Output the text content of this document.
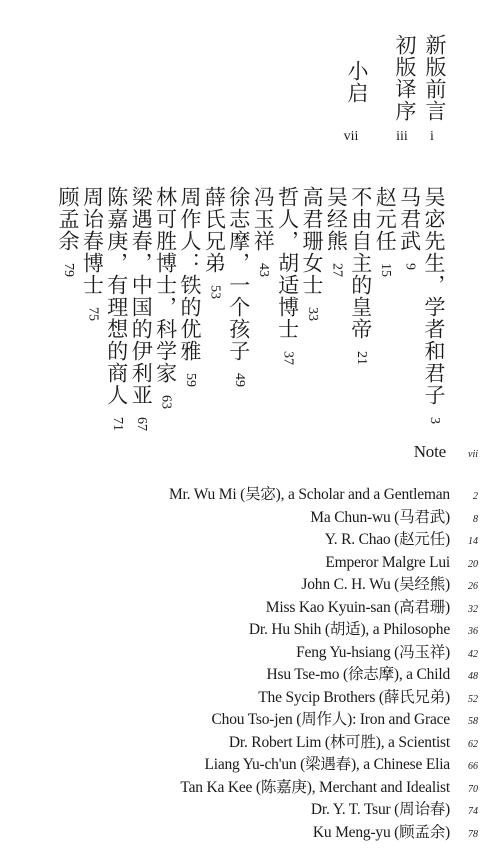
新版前言
i
初版译序
iii
小启
vii
吴宓先生，学者和君子 3
马君武 9
赵元任 15
不由自主的皇帝 21
吴经熊 27
高君珊女士 33
哲人，胡适博士 37
冯玉祥 43
徐志摩，一个孩子 49
薛氏兄弟 53
周作人：铁的优雅 59
林可胜博士，科学家 63
梁遇春，中国的伊利亚 67
陈嘉庚，有理想的商人 71
周诒春博士 75
顾孟余 79
Note vii
Mr. Wu Mi (吴宓), a Scholar and a Gentleman 2
Ma Chun-wu (马君武) 8
Y. R. Chao (赵元任) 14
Emperor Malgre Lui 20
John C. H. Wu (吴经熊) 26
Miss Kao Kyuin-san (高君珊) 32
Dr. Hu Shih (胡适), a Philosophe 36
Feng Yu-hsiang (冯玉祥) 42
Hsu Tse-mo (徐志摩), a Child 48
The Sycip Brothers (薛氏兄弟) 52
Chou Tso-jen (周作人): Iron and Grace 58
Dr. Robert Lim (林可胜), a Scientist 62
Liang Yu-ch'un (梁遇春), a Chinese Elia 66
Tan Ka Kee (陈嘉庚), Merchant and Idealist 70
Dr. Y. T. Tsur (周诒春) 74
Ku Meng-yu (顾孟余) 78
